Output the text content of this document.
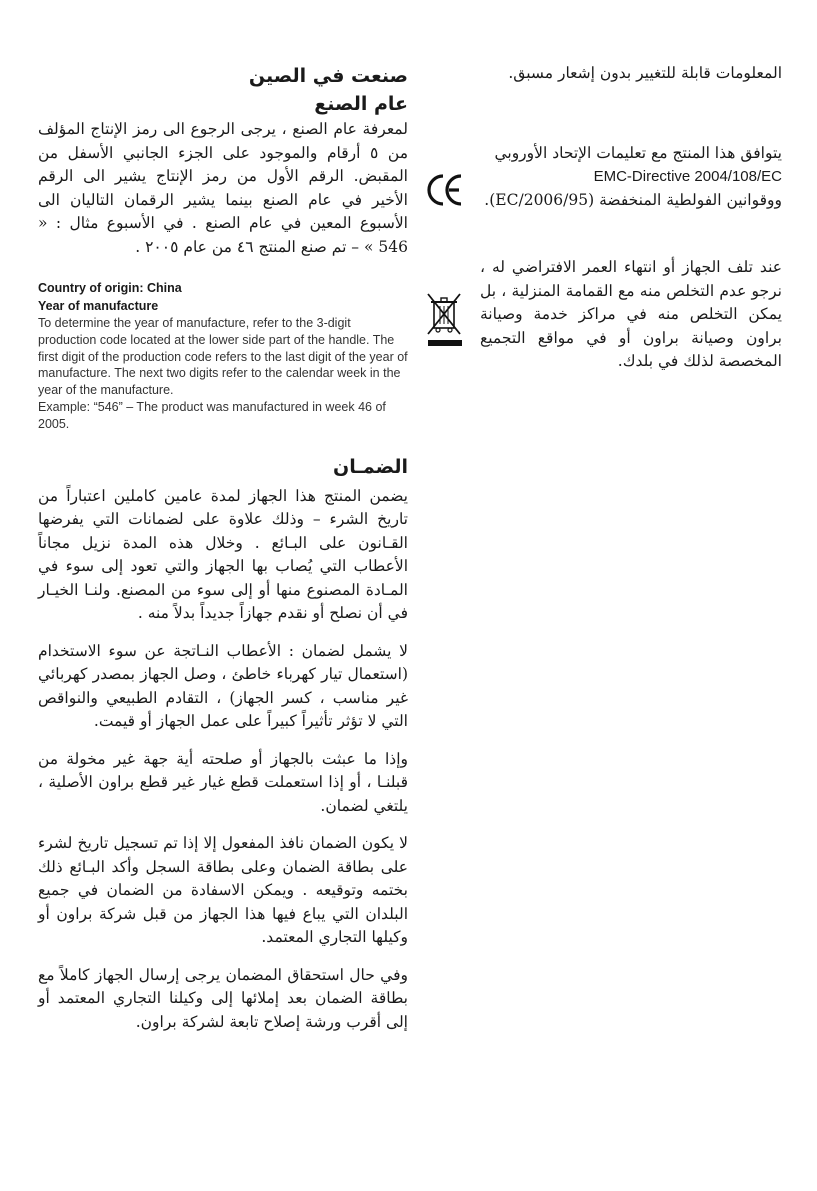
صنعت في الصين
عام الصنع

لمعرفة عام الصنع ، يرجى الرجوع الى رمز الإنتاج المؤلف من ٥ أرقام والموجود على الجزء الجانبي الأسفل من المقبض. الرقم الأول من رمز الإنتاج يشير الى الرقم الأخير في عام الصنع بينما يشير الرقمان التاليان الى الأسبوع المعين في عام الصنع . في الأسبوع مثال : « 546 » – تم صنع المنتج ٤٦ من عام ٢٠٠٥ .

Country of origin: China

Year of manufacture

To determine the year of manufacture, refer to the 3-digit production code located at the lower side part of the handle. The first digit of the production code refers to the last digit of the year of manufacture. The next two digits refer to the calendar week in the year of the manufacture.

Example: “546” – The product was manufactured in week 46 of 2005.

الضمـان

يضمن المنتج هذا الجهاز لمدة عامين كاملين اعتباراً من تاريخ الشرء – وذلك علاوة على لضمانات التي يفرضها القـانون على البـائع . وخلال هذه المدة نزيل مجاناً الأعطاب التي يُصاب بها الجهاز والتي تعود إلى سوء في المـادة المصنوع منها أو إلى سوء من المصنع. ولنـا الخيـار في أن نصلح أو نقدم جهازاً جديداً بدلاً منه .

لا يشمل لضمان : الأعطاب النـاتجة عن سوء الاستخدام (استعمال تيار كهرباء خاطئ ، وصل الجهاز بمصدر كهربائي غير مناسب ، كسر الجهاز) ، التقادم الطبيعي والنواقص التي لا تؤثر تأثيراً كبيراً على عمل الجهاز أو قيمت.

وإذا ما عبثت بالجهاز أو صلحته أية جهة غير مخولة من قبلنـا ، أو إذا استعملت قطع غيار غير قطع براون الأصلية ، يلتغي لضمان.

لا يكون الضمان نافذ المفعول إلا إذا تم تسجيل تاريخ لشرء على بطاقة الضمان وعلى بطاقة السجل وأكد البـائع ذلك بختمه وتوقيعه . ويمكن الاسفادة من الضمان في جميع البلدان التي يباع فيها هذا الجهاز من قبل شركة براون أو وكيلها التجاري المعتمد.

وفي حال استحقاق المضمان يرجى إرسال الجهاز كاملاً مع بطاقة الضمان بعد إملائها إلى وكيلنا التجاري المعتمد أو إلى أقرب ورشة إصلاح تابعة لشركة براون.

المعلومات قابلة للتغيير بدون إشعار مسبق.

يتوافق هذا المنتج مع تعليمات الإتحاد الأوروبي

EMC-Directive 2004/108/EC

ووقوانين الفولطية المنخفضة (2006/95/EC).

عند تلف الجهاز أو انتهاء العمر الافتراضي له ، نرجو عدم التخلص منه مع القمامة المنزلية ، بل يمكن التخلص منه في مراكز خدمة وصيانة براون وصيانة براون أو في مواقع التجميع المخصصة لذلك في بلدك.
